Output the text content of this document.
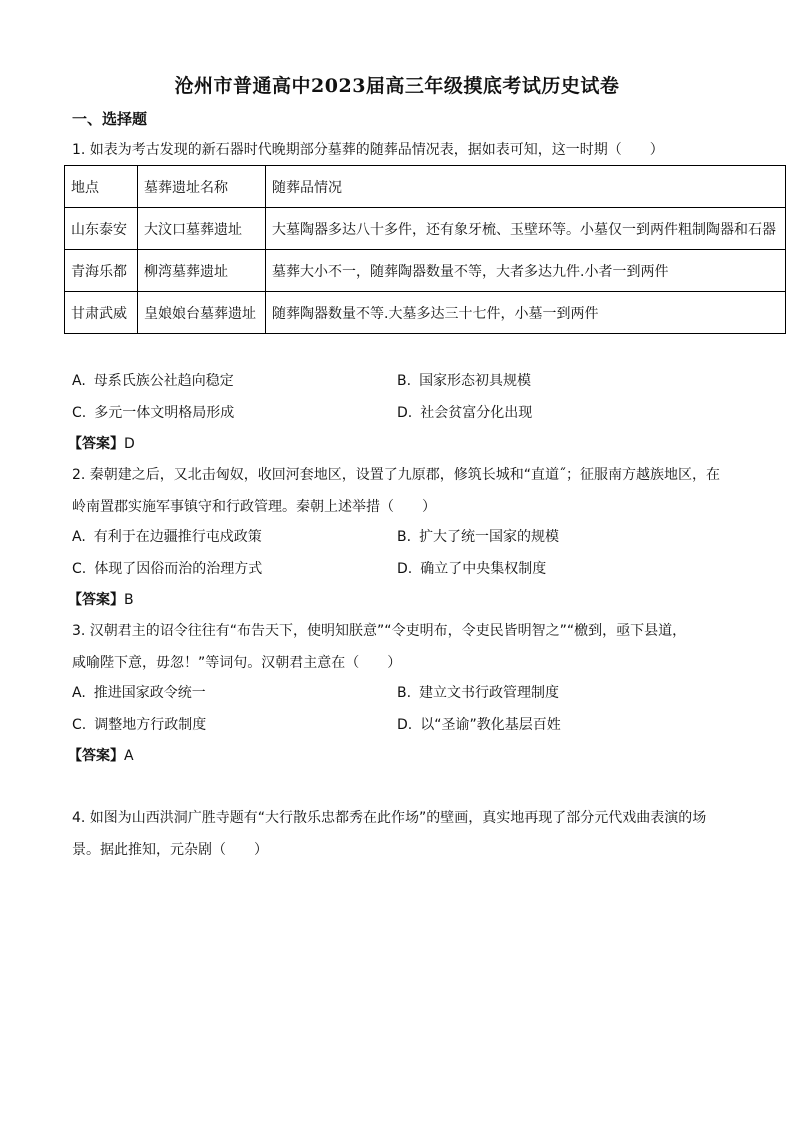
沧州市普通高中2023届高三年级摸底考试历史试卷
一、选择题
1. 如表为考古发现的新石器时代晚期部分墓葬的随葬品情况表，据如表可知，这一时期（　　）
地点	墓葬遗址名称	随葬品情况
山东泰安	大汶口墓葬遗址	大墓陶器多达八十多件，还有象牙梳、玉壁环等。小墓仅一到两件粗制陶器和石器
青海乐都	柳湾墓葬遗址	墓葬大小不一，随葬陶器数量不等，大者多达九件.小者一到两件
甘肃武威	皇娘娘台墓葬遗址	随葬陶器数量不等.大墓多达三十七件，小墓一到两件
A. 母系氏族公社趋向稳定	B. 国家形态初具规模
C. 多元一体文明格局形成	D. 社会贫富分化出现
【答案】D
2. 秦朝建之后，又北击匈奴，收回河套地区，设置了九原郡，修筑长城和“直道˝；征服南方越族地区，在
岭南置郡实施军事镇守和行政管理。秦朝上述举措（　　）
A. 有利于在边疆推行屯戍政策	B. 扩大了统一国家的规模
C. 体现了因俗而治的治理方式	D. 确立了中央集权制度
【答案】B
3. 汉朝君主的诏令往往有“布告天下，使明知朕意”“令吏明布，令吏民皆明智之”“檄到，亟下县道，
咸喻陛下意，毋忽！”等词句。汉朝君主意在（　　）
A. 推进国家政令统一	B. 建立文书行政管理制度
C. 调整地方行政制度	D. 以“圣谕”教化基层百姓
【答案】A
4. 如图为山西洪洞广胜寺题有“大行散乐忠都秀在此作场”的壁画，真实地再现了部分元代戏曲表演的场
景。据此推知，元杂剧（　　）
